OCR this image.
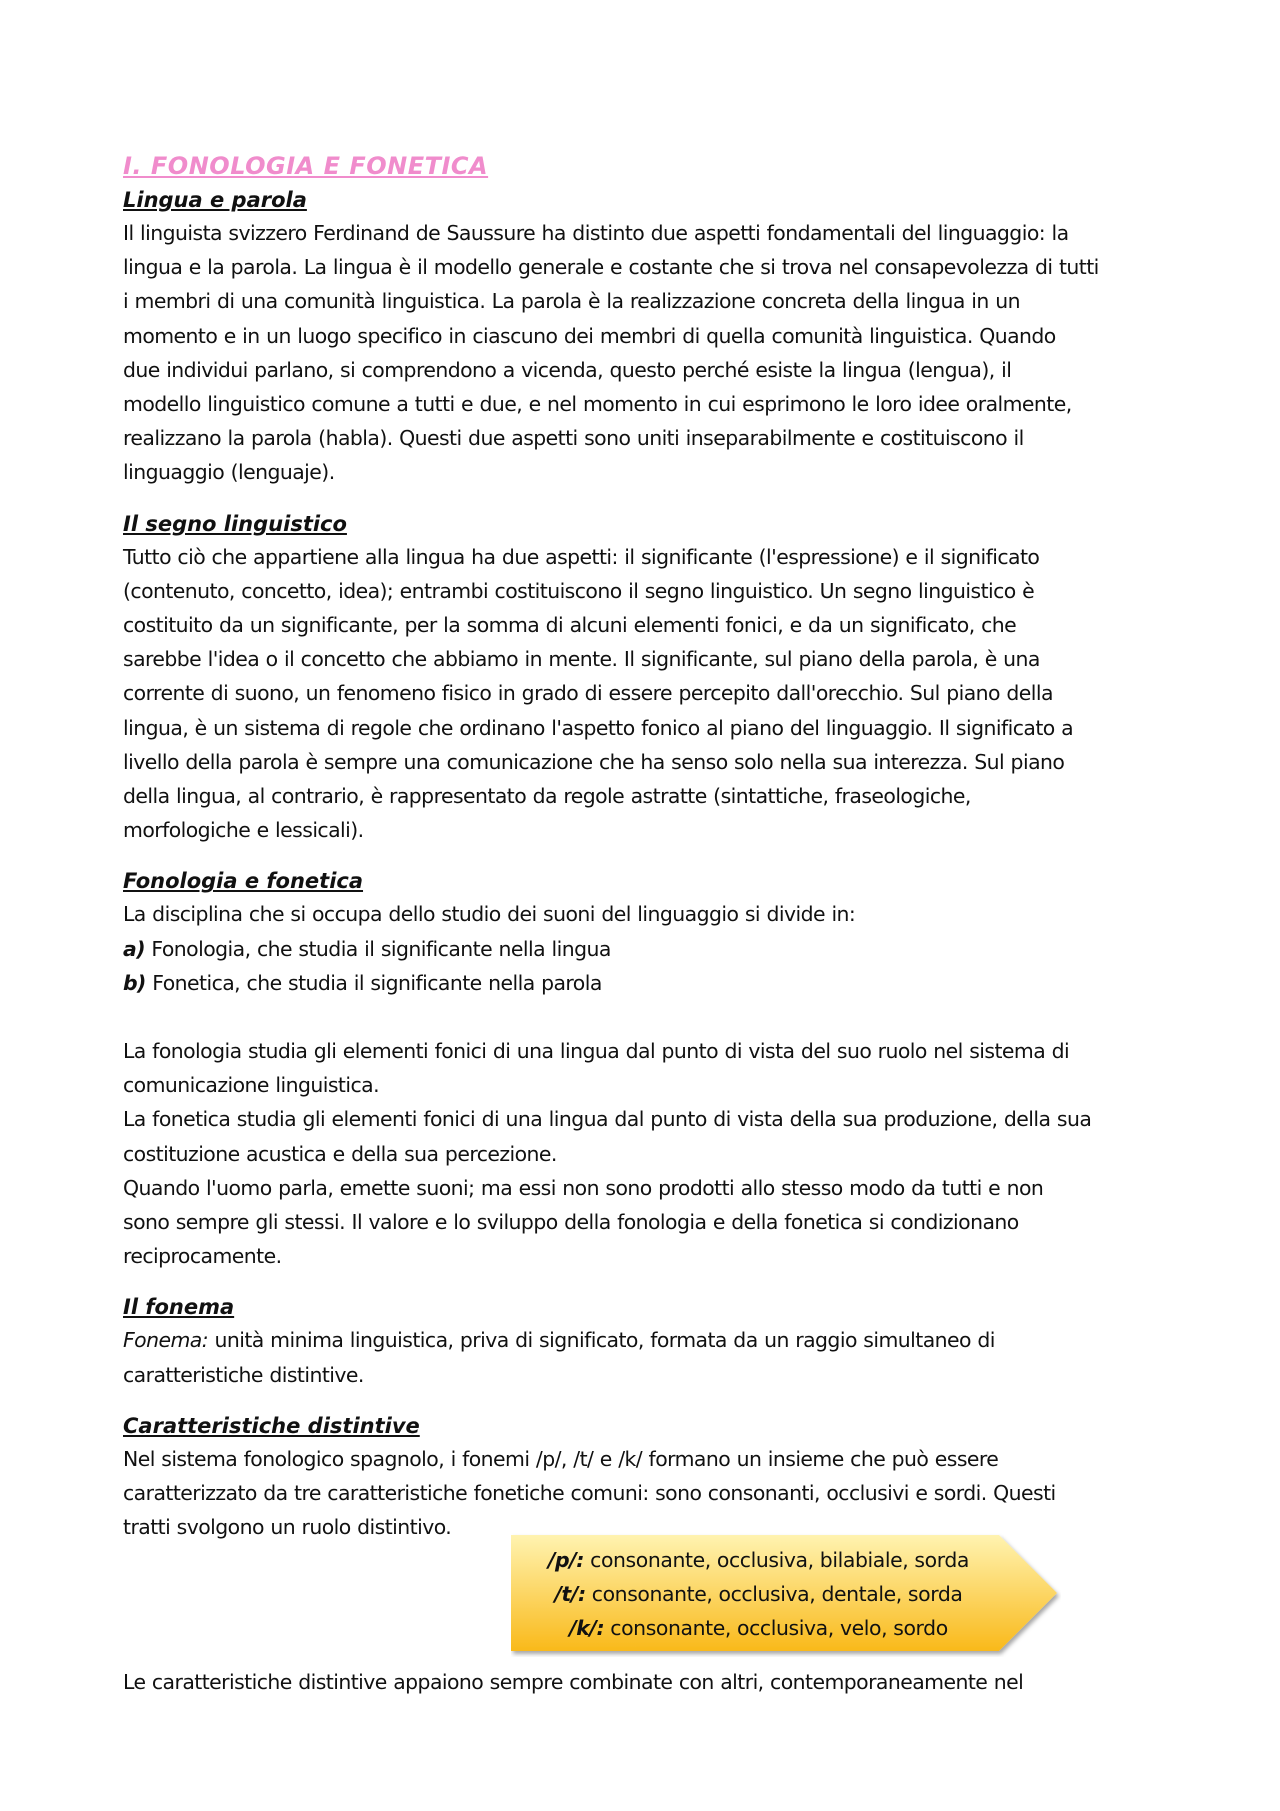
I. FONOLOGIA E FONETICA
Lingua e parola
Il linguista svizzero Ferdinand de Saussure ha distinto due aspetti fondamentali del linguaggio: la
lingua e la parola. La lingua è il modello generale e costante che si trova nel consapevolezza di tutti
i membri di una comunità linguistica. La parola è la realizzazione concreta della lingua in un
momento e in un luogo specifico in ciascuno dei membri di quella comunità linguistica. Quando
due individui parlano, si comprendono a vicenda, questo perché esiste la lingua (lengua), il
modello linguistico comune a tutti e due, e nel momento in cui esprimono le loro idee oralmente,
realizzano la parola (habla). Questi due aspetti sono uniti inseparabilmente e costituiscono il
linguaggio (lenguaje).
Il segno linguistico
Tutto ciò che appartiene alla lingua ha due aspetti: il significante (l'espressione) e il significato
(contenuto, concetto, idea); entrambi costituiscono il segno linguistico. Un segno linguistico è
costituito da un significante, per la somma di alcuni elementi fonici, e da un significato, che
sarebbe l'idea o il concetto che abbiamo in mente. Il significante, sul piano della parola, è una
corrente di suono, un fenomeno fisico in grado di essere percepito dall'orecchio. Sul piano della
lingua, è un sistema di regole che ordinano l'aspetto fonico al piano del linguaggio. Il significato a
livello della parola è sempre una comunicazione che ha senso solo nella sua interezza. Sul piano
della lingua, al contrario, è rappresentato da regole astratte (sintattiche, fraseologiche,
morfologiche e lessicali).
Fonologia e fonetica
La disciplina che si occupa dello studio dei suoni del linguaggio si divide in:
a) Fonologia, che studia il significante nella lingua
b) Fonetica, che studia il significante nella parola
La fonologia studia gli elementi fonici di una lingua dal punto di vista del suo ruolo nel sistema di
comunicazione linguistica.
La fonetica studia gli elementi fonici di una lingua dal punto di vista della sua produzione, della sua
costituzione acustica e della sua percezione.
Quando l'uomo parla, emette suoni; ma essi non sono prodotti allo stesso modo da tutti e non
sono sempre gli stessi. Il valore e lo sviluppo della fonologia e della fonetica si condizionano
reciprocamente.
Il fonema
Fonema: unità minima linguistica, priva di significato, formata da un raggio simultaneo di
caratteristiche distintive.
Caratteristiche distintive
Nel sistema fonologico spagnolo, i fonemi /p/, /t/ e /k/ formano un insieme che può essere
caratterizzato da tre caratteristiche fonetiche comuni: sono consonanti, occlusivi e sordi. Questi
tratti svolgono un ruolo distintivo.
/p/: consonante, occlusiva, bilabiale, sorda
/t/: consonante, occlusiva, dentale, sorda
/k/: consonante, occlusiva, velo, sordo
Le caratteristiche distintive appaiono sempre combinate con altri, contemporaneamente nel
